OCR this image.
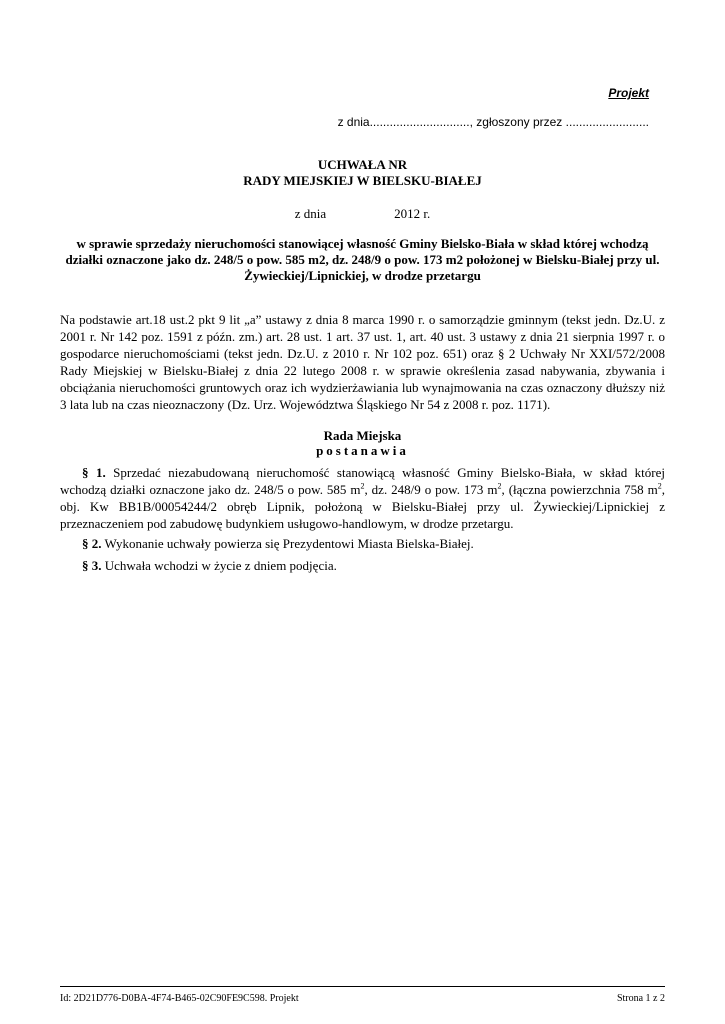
Projekt
z dnia.............................., zgłoszony przez .........................
UCHWAŁA NR
RADY MIEJSKIEJ W BIELSKU-BIAŁEJ
z dnia	2012 r.
w sprawie sprzedaży nieruchomości stanowiącej własność Gminy Bielsko-Biała w skład której wchodzą działki oznaczone jako dz. 248/5 o pow. 585 m2, dz. 248/9 o pow. 173 m2 położonej w Bielsku-Białej przy ul. Żywieckiej/Lipnickiej, w drodze przetargu
Na podstawie art.18 ust.2 pkt 9 lit „a” ustawy z dnia 8 marca 1990 r. o samorządzie gminnym (tekst jedn. Dz.U. z 2001 r. Nr 142 poz. 1591 z późn. zm.) art. 28 ust. 1 art. 37 ust. 1, art. 40 ust. 3 ustawy z dnia 21 sierpnia 1997 r. o gospodarce nieruchomościami (tekst jedn. Dz.U. z 2010 r. Nr 102 poz. 651) oraz § 2 Uchwały Nr XXI/572/2008 Rady Miejskiej w Bielsku-Białej z dnia 22 lutego 2008 r. w sprawie określenia zasad nabywania, zbywania i obciążania nieruchomości gruntowych oraz ich wydzierżawiania lub wynajmowania na czas oznaczony dłuższy niż 3 lata lub na czas nieoznaczony (Dz. Urz. Województwa Śląskiego Nr 54 z 2008 r. poz. 1171).
Rada Miejska
postanawia
§ 1. Sprzedać niezabudowaną nieruchomość stanowiącą własność Gminy Bielsko-Biała, w skład której wchodzą działki oznaczone jako dz. 248/5 o pow. 585 $m^2$, dz. 248/9 o pow. 173 $m^2$, (łączna powierzchnia 758 $m^2$, obj. Kw BB1B/00054244/2 obręb Lipnik, położoną w Bielsku-Białej przy ul. Żywieckiej/Lipnickiej z przeznaczeniem pod zabudowę budynkiem usługowo-handlowym, w drodze przetargu.
§ 2. Wykonanie uchwały powierza się Prezydentowi Miasta Bielska-Białej.
§ 3. Uchwała wchodzi w życie z dniem podjęcia.
Id: 2D21D776-D0BA-4F74-B465-02C90FE9C598. Projekt	Strona 1 z 2
